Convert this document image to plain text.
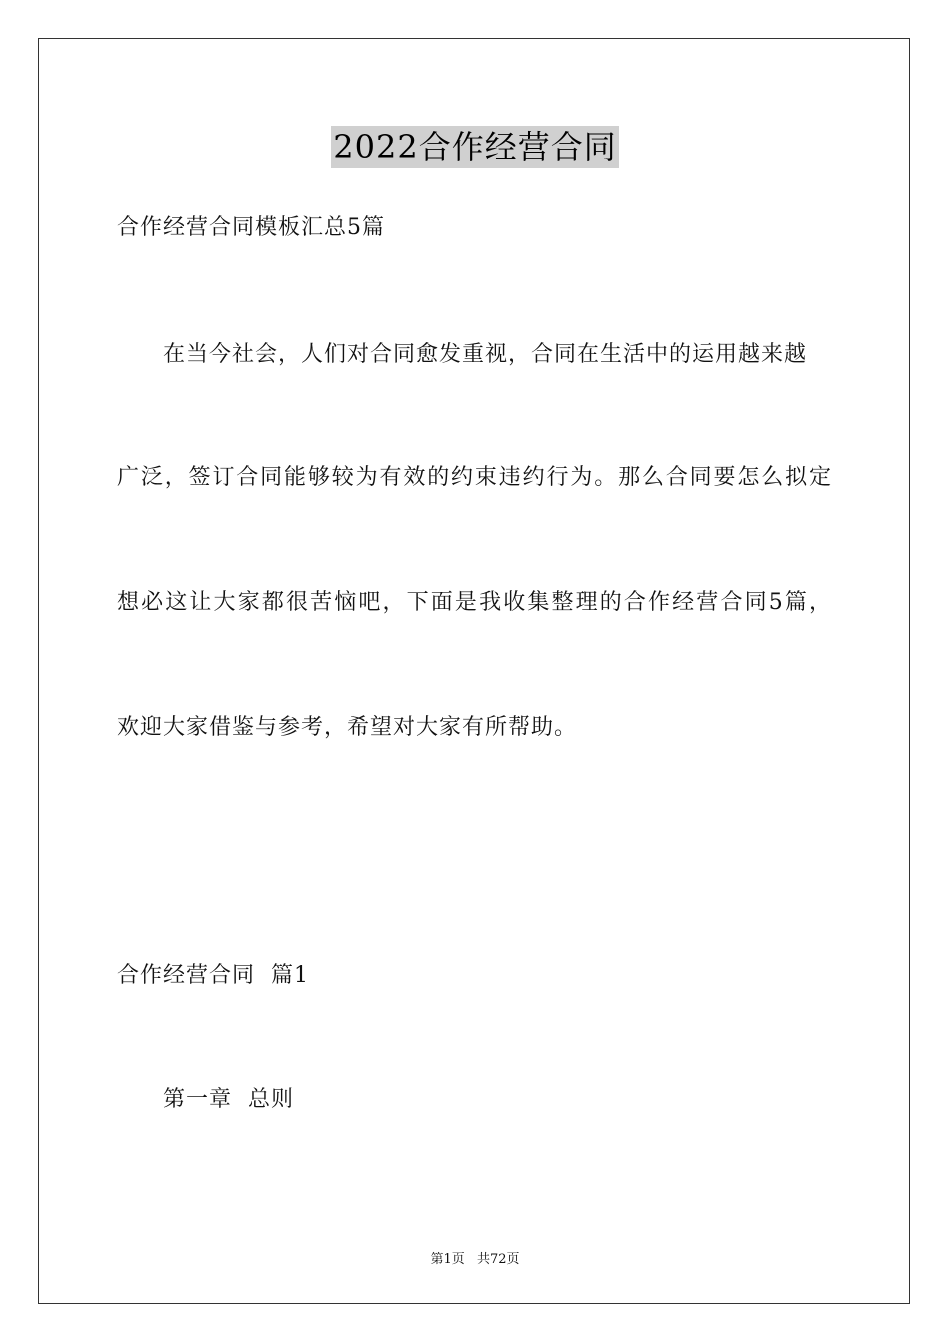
2022合作经营合同
合作经营合同模板汇总5篇
在当今社会，人们对合同愈发重视，合同在生活中的运用越来越
广泛，签订合同能够较为有效的约束违约行为。那么合同要怎么拟定
想必这让大家都很苦恼吧，下面是我收集整理的合作经营合同5篇，
欢迎大家借鉴与参考，希望对大家有所帮助。
合作经营合同  篇1
第一章  总则
第1页 共72页
